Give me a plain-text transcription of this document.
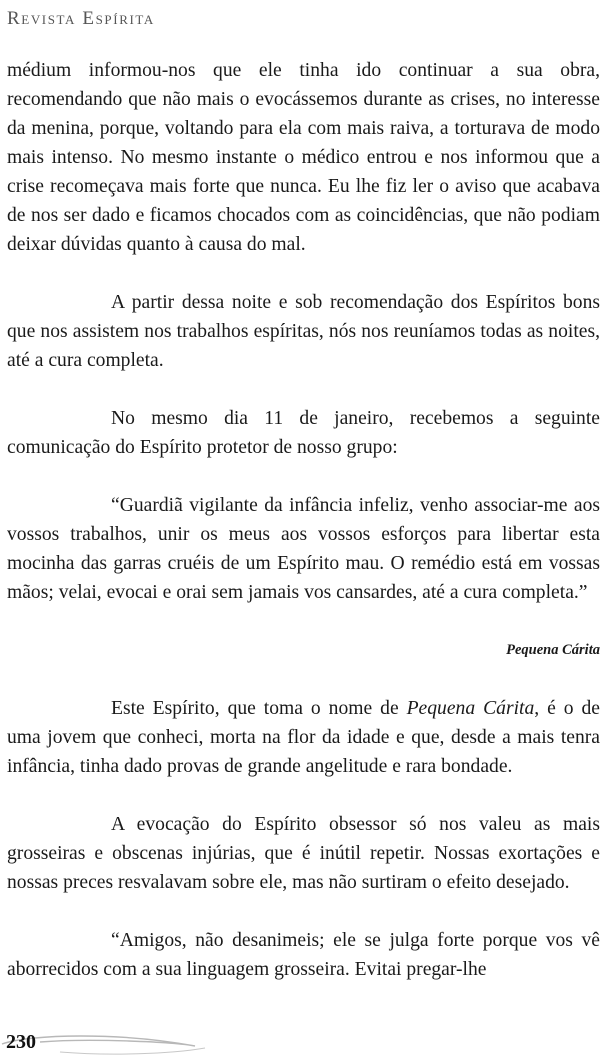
Revista Espírita

médium informou-nos que ele tinha ido continuar a sua obra, recomendando que não mais o evocássemos durante as crises, no interesse da menina, porque, voltando para ela com mais raiva, a torturava de modo mais intenso. No mesmo instante o médico entrou e nos informou que a crise recomeçava mais forte que nunca. Eu lhe fiz ler o aviso que acabava de nos ser dado e ficamos chocados com as coincidências, que não podiam deixar dúvidas quanto à causa do mal.

A partir dessa noite e sob recomendação dos Espíritos bons que nos assistem nos trabalhos espíritas, nós nos reuníamos todas as noites, até a cura completa.

No mesmo dia 11 de janeiro, recebemos a seguinte comunicação do Espírito protetor de nosso grupo:

“Guardiã vigilante da infância infeliz, venho associar-me aos vossos trabalhos, unir os meus aos vossos esforços para libertar esta mocinha das garras cruéis de um Espírito mau. O remédio está em vossas mãos; velai, evocai e orai sem jamais vos cansardes, até a cura completa.”

Pequena Cárita

Este Espírito, que toma o nome de Pequena Cárita, é o de uma jovem que conheci, morta na flor da idade e que, desde a mais tenra infância, tinha dado provas de grande angelitude e rara bondade.

A evocação do Espírito obsessor só nos valeu as mais grosseiras e obscenas injúrias, que é inútil repetir. Nossas exortações e nossas preces resvalavam sobre ele, mas não surtiram o efeito desejado.

“Amigos, não desanimeis; ele se julga forte porque vos vê aborrecidos com a sua linguagem grosseira. Evitai pregar-lhe

230
